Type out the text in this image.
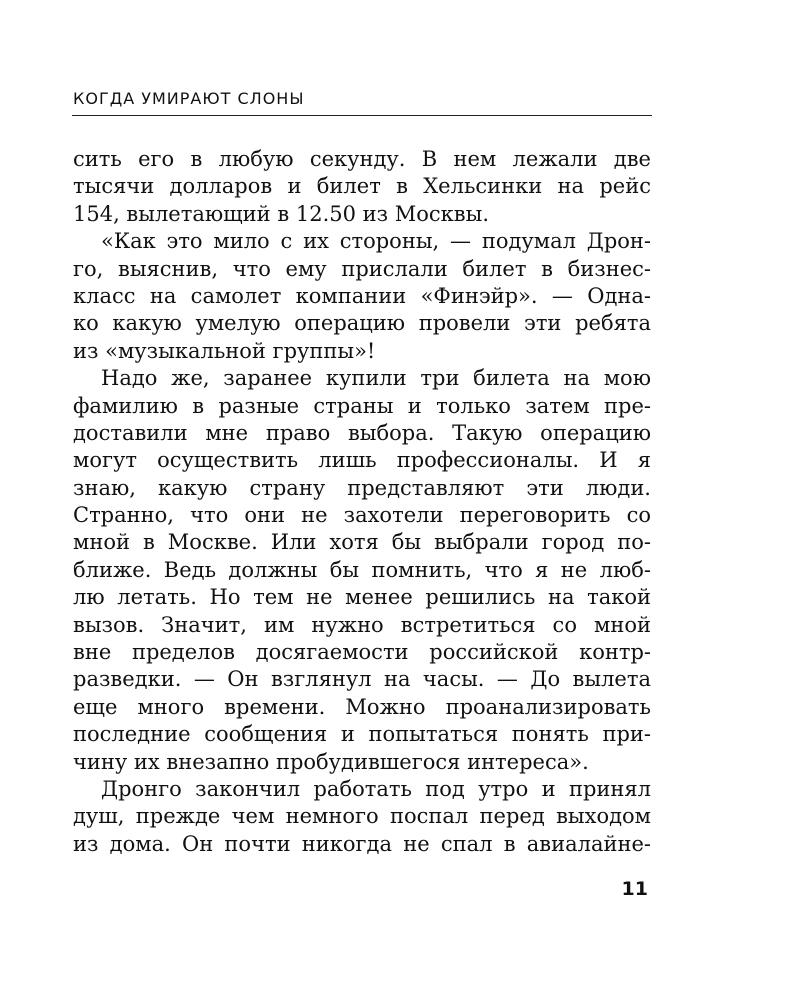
КОГДА УМИРАЮТ СЛОНЫ
сить его в любую секунду. В нем лежали две
тысячи долларов и билет в Хельсинки на рейс
154, вылетающий в 12.50 из Москвы.
«Как это мило с их стороны, — подумал Дрон-
го, выяснив, что ему прислали билет в бизнес-
класс на самолет компании «Финэйр». — Одна-
ко какую умелую операцию провели эти ребята
из «музыкальной группы»!
Надо же, заранее купили три билета на мою
фамилию в разные страны и только затем пре-
доставили мне право выбора. Такую операцию
могут осуществить лишь профессионалы. И я
знаю, какую страну представляют эти люди.
Странно, что они не захотели переговорить со
мной в Москве. Или хотя бы выбрали город по-
ближе. Ведь должны бы помнить, что я не люб-
лю летать. Но тем не менее решились на такой
вызов. Значит, им нужно встретиться со мной
вне пределов досягаемости российской контр-
разведки. — Он взглянул на часы. — До вылета
еще много времени. Можно проанализировать
последние сообщения и попытаться понять при-
чину их внезапно пробудившегося интереса».
Дронго закончил работать под утро и принял
душ, прежде чем немного поспал перед выходом
из дома. Он почти никогда не спал в авиалайне-
11
